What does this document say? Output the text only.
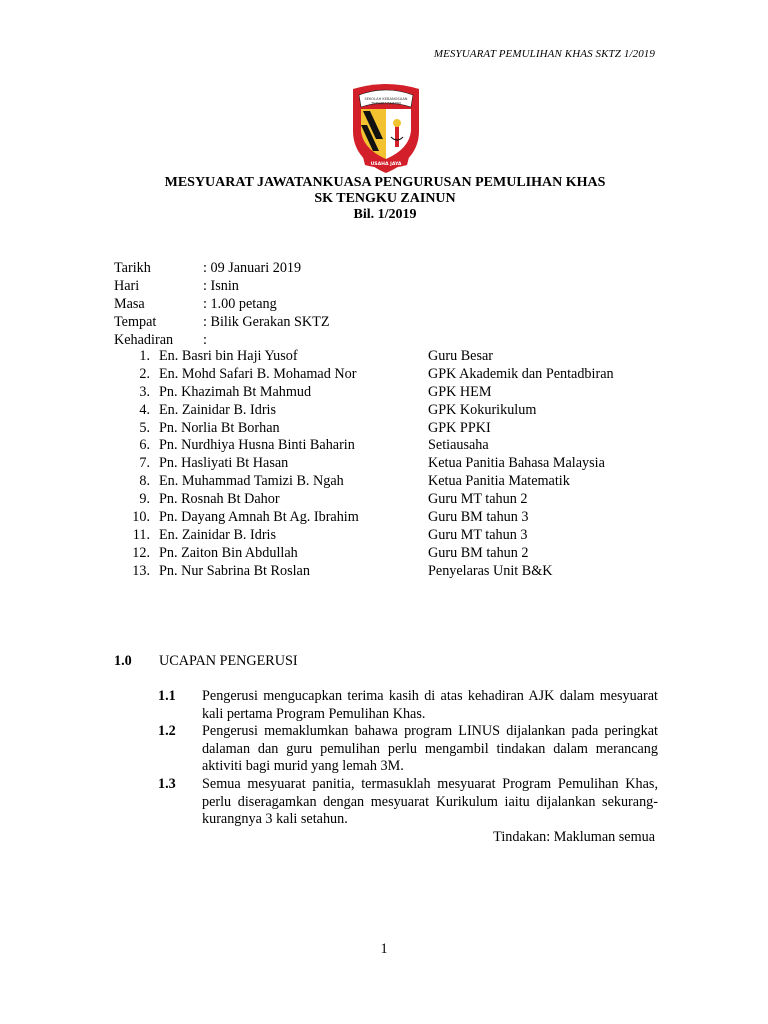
MESYUARAT PEMULIHAN KHAS SKTZ 1/2019
SEKOLAH KEBANGSAAN
TENGKU ZAINUN
USAHA JAYA
MESYUARAT JAWATANKUASA PENGURUSAN PEMULIHAN KHAS
SK TENGKU ZAINUN
Bil. 1/2019
Tarikh	: 09 Januari 2019
Hari	: Isnin
Masa	: 1.00 petang
Tempat	: Bilik Gerakan SKTZ
Kehadiran :
1. En. Basri bin Haji Yusof	Guru Besar
2. En. Mohd Safari B. Mohamad Nor	GPK Akademik dan Pentadbiran
3. Pn. Khazimah Bt Mahmud	GPK HEM
4. En. Zainidar B. Idris	GPK Kokurikulum
5. Pn. Norlia Bt Borhan	GPK PPKI
6. Pn. Nurdhiya Husna Binti Baharin	Setiausaha
7. Pn. Hasliyati Bt Hasan	Ketua Panitia Bahasa Malaysia
8. En. Muhammad Tamizi B. Ngah	Ketua Panitia Matematik
9. Pn. Rosnah Bt Dahor	Guru MT tahun 2
10. Pn. Dayang Amnah Bt Ag. Ibrahim	Guru BM tahun 3
11. En. Zainidar B. Idris	Guru MT tahun 3
12. Pn. Zaiton Bin Abdullah	Guru BM tahun 2
13. Pn. Nur Sabrina Bt Roslan	Penyelaras Unit B&K
1.0 UCAPAN PENGERUSI
1.1 Pengerusi mengucapkan terima kasih di atas kehadiran AJK dalam mesyuarat kali pertama Program Pemulihan Khas.
1.2 Pengerusi memaklumkan bahawa program LINUS dijalankan pada peringkat dalaman dan guru pemulihan perlu mengambil tindakan dalam merancang aktiviti bagi murid yang lemah 3M.
1.3 Semua mesyuarat panitia, termasuklah mesyuarat Program Pemulihan Khas, perlu diseragamkan dengan mesyuarat Kurikulum iaitu dijalankan sekurang-kurangnya 3 kali setahun.
Tindakan: Makluman semua
1
